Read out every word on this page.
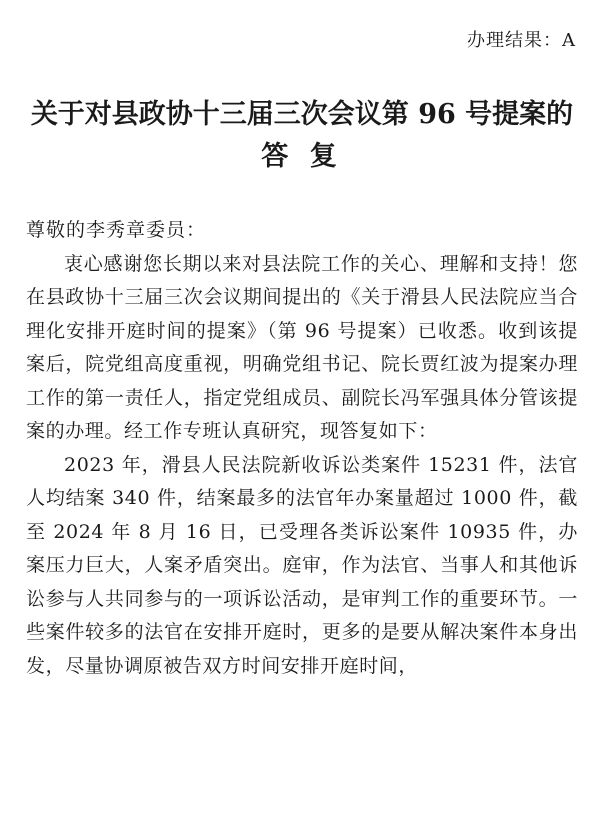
办理结果：A
关于对县政协十三届三次会议第 96 号提案的
答 复

尊敬的李秀章委员：

衷心感谢您长期以来对县法院工作的关心、理解和支持！您在县政协十三届三次会议期间提出的《关于滑县人民法院应当合理化安排开庭时间的提案》（第 96 号提案）已收悉。收到该提案后，院党组高度重视，明确党组书记、院长贾红波为提案办理工作的第一责任人，指定党组成员、副院长冯军强具体分管该提案的办理。经工作专班认真研究，现答复如下：

2023 年，滑县人民法院新收诉讼类案件 15231 件，法官人均结案 340 件，结案最多的法官年办案量超过 1000 件，截至 2024 年 8 月 16 日，已受理各类诉讼案件 10935 件，办案压力巨大，人案矛盾突出。庭审，作为法官、当事人和其他诉讼参与人共同参与的一项诉讼活动，是审判工作的重要环节。一些案件较多的法官在安排开庭时，更多的是要从解决案件本身出发，尽量协调原被告双方时间安排开庭时间，
